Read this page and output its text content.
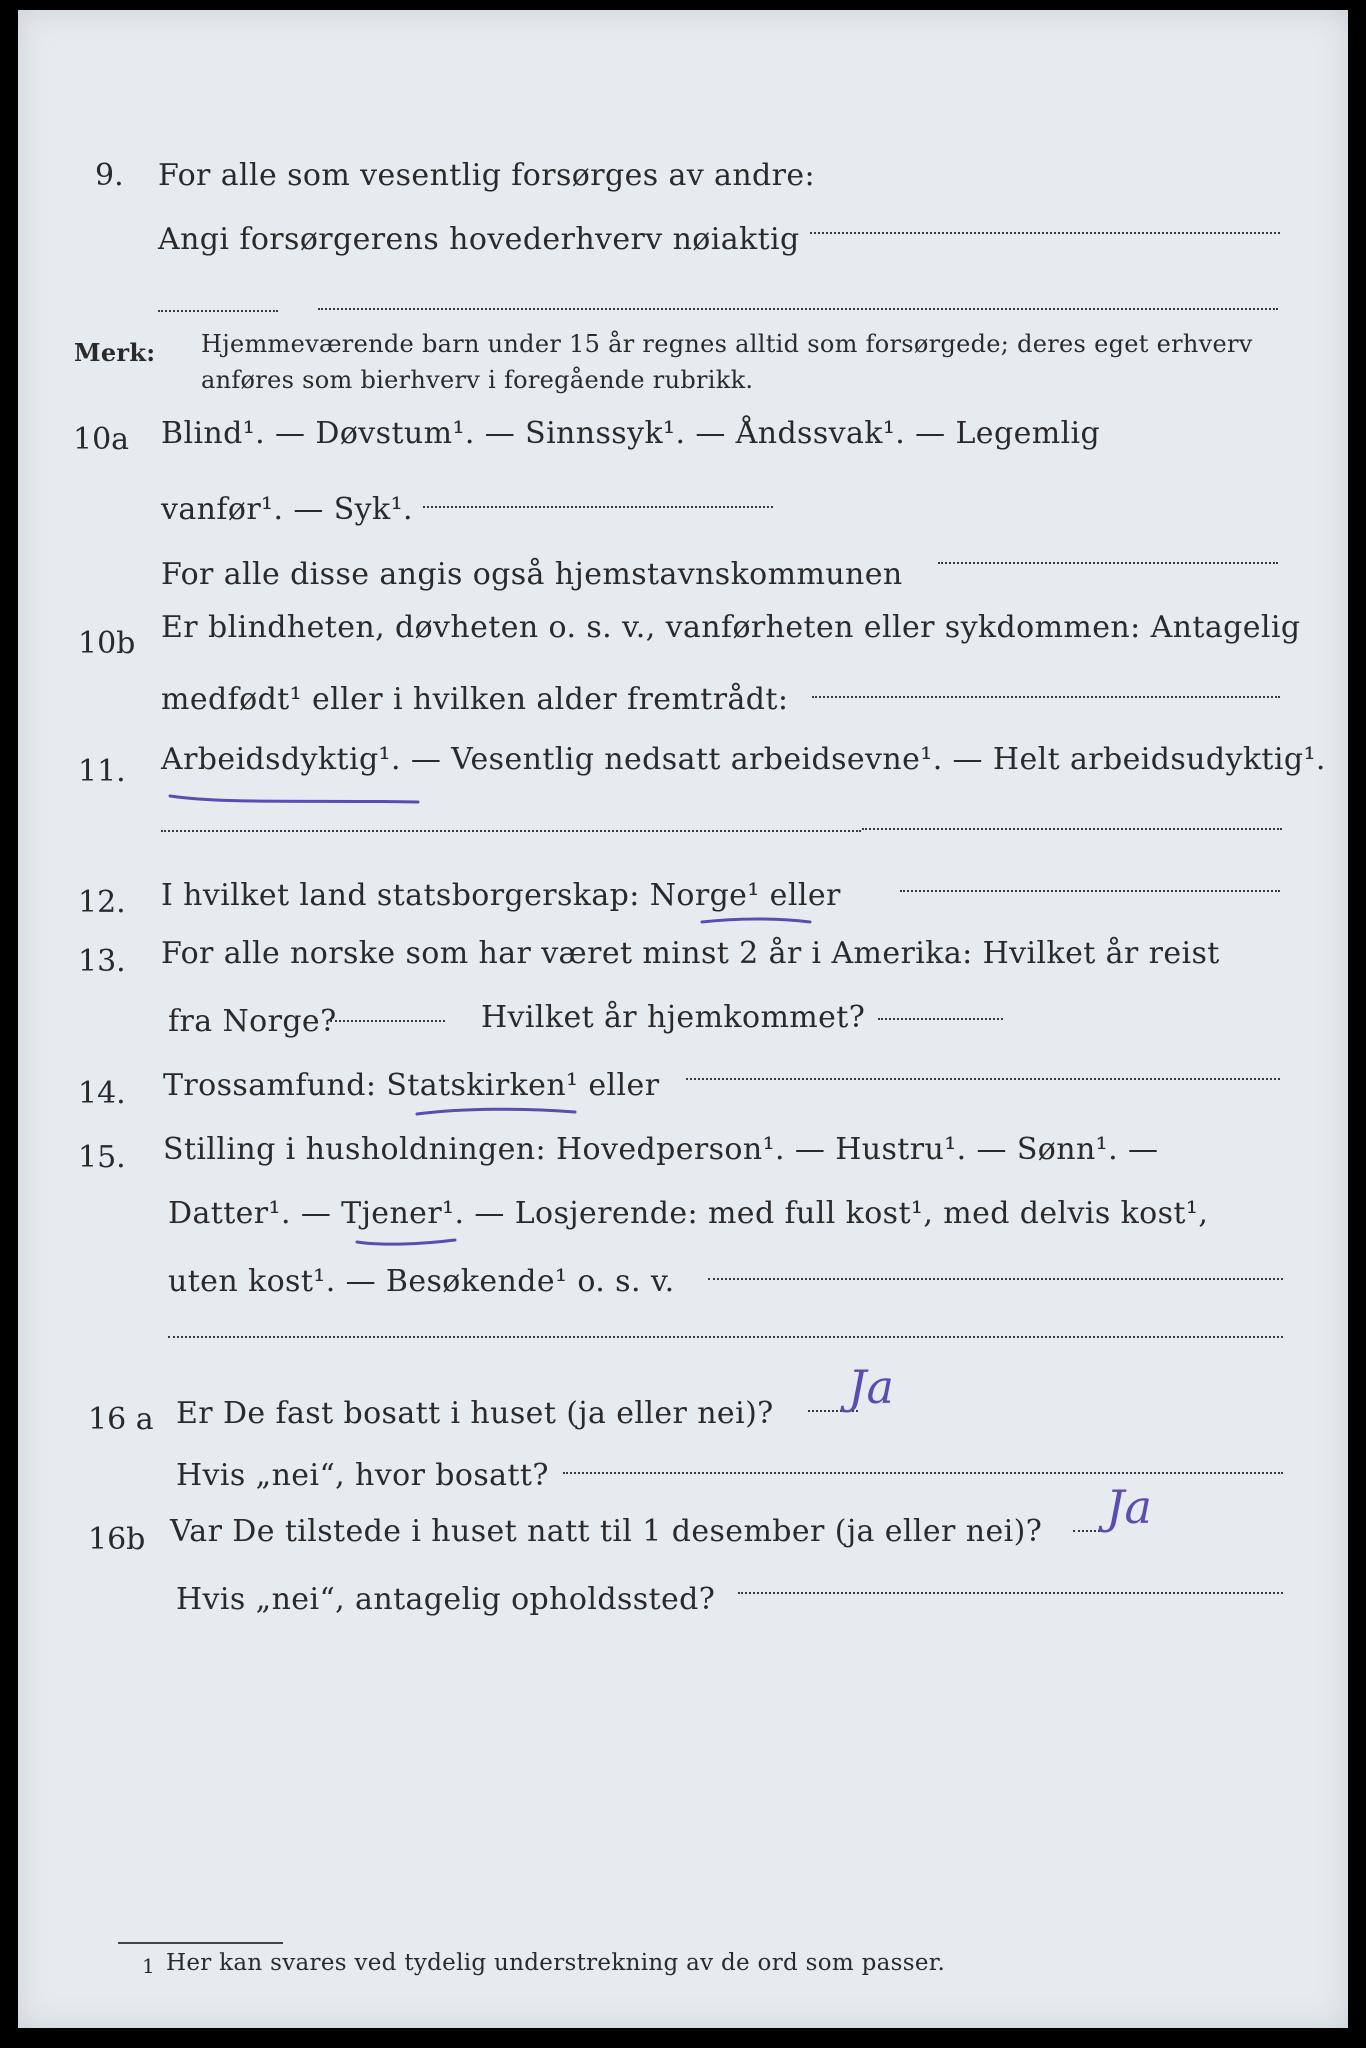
9. For alle som vesentlig forsørges av andre:
Angi forsørgerens hovederhverv nøiaktig
Merk: Hjemmeværende barn under 15 år regnes alltid som forsørgede; deres eget erhverv
anføres som bierhverv i foregående rubrikk.
10a Blind¹. — Døvstum¹. — Sinnssyk¹. — Åndssvak¹. — Legemlig
vanfør¹. — Syk¹.
For alle disse angis også hjemstavnskommunen
10b Er blindheten, døvheten o. s. v., vanførheten eller sykdommen: Antagelig
medfødt¹ eller i hvilken alder fremtrådt:
11. Arbeidsdyktig¹. — Vesentlig nedsatt arbeidsevne¹. — Helt arbeidsudyktig¹.
12. I hvilket land statsborgerskap: Norge¹ eller
13. For alle norske som har været minst 2 år i Amerika: Hvilket år reist
fra Norge?	Hvilket år hjemkommet?
14. Trossamfund: Statskirken¹ eller
15. Stilling i husholdningen: Hovedperson¹. — Hustru¹. — Sønn¹. —
Datter¹. — Tjener¹. — Losjerende: med full kost¹, med delvis kost¹,
uten kost¹. — Besøkende¹ o. s. v.
16 a Er De fast bosatt i huset (ja eller nei)? Ja
Hvis „nei“, hvor bosatt?
16b Var De tilstede i huset natt til 1 desember (ja eller nei)? Ja
Hvis „nei“, antagelig opholdssted?
1 Her kan svares ved tydelig understrekning av de ord som passer.
